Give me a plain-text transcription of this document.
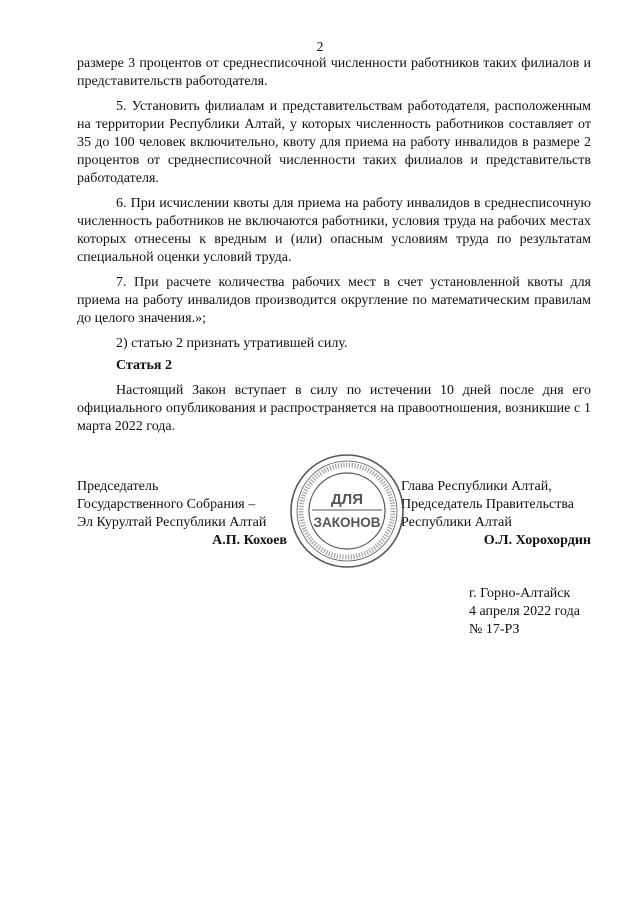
2

размере 3 процентов от среднесписочной численности работников таких филиалов и представительств работодателя.

5. Установить филиалам и представительствам работодателя, расположенным на территории Республики Алтай, у которых численность работников составляет от 35 до 100 человек включительно, квоту для приема на работу инвалидов в размере 2 процентов от среднесписочной численности таких филиалов и представительств работодателя.

6. При исчислении квоты для приема на работу инвалидов в среднесписочную численность работников не включаются работники, условия труда на рабочих местах которых отнесены к вредным и (или) опасным условиям труда по результатам специальной оценки условий труда.

7. При расчете количества рабочих мест в счет установленной квоты для приема на работу инвалидов производится округление по математическим правилам до целого значения.»;

2) статью 2 признать утратившей силу.

Статья 2

Настоящий Закон вступает в силу по истечении 10 дней после дня его официального опубликования и распространяется на правоотношения, возникшие с 1 марта 2022 года.

Председатель
Государственного Собрания –
Эл Курултай Республики Алтай
А.П. Кохоев
Глава Республики Алтай,
Председатель Правительства
Республики Алтай
О.Л. Хорохордин
ДЛЯ
ЗАКОНОВ
г. Горно-Алтайск
4 апреля 2022 года
№ 17-РЗ
